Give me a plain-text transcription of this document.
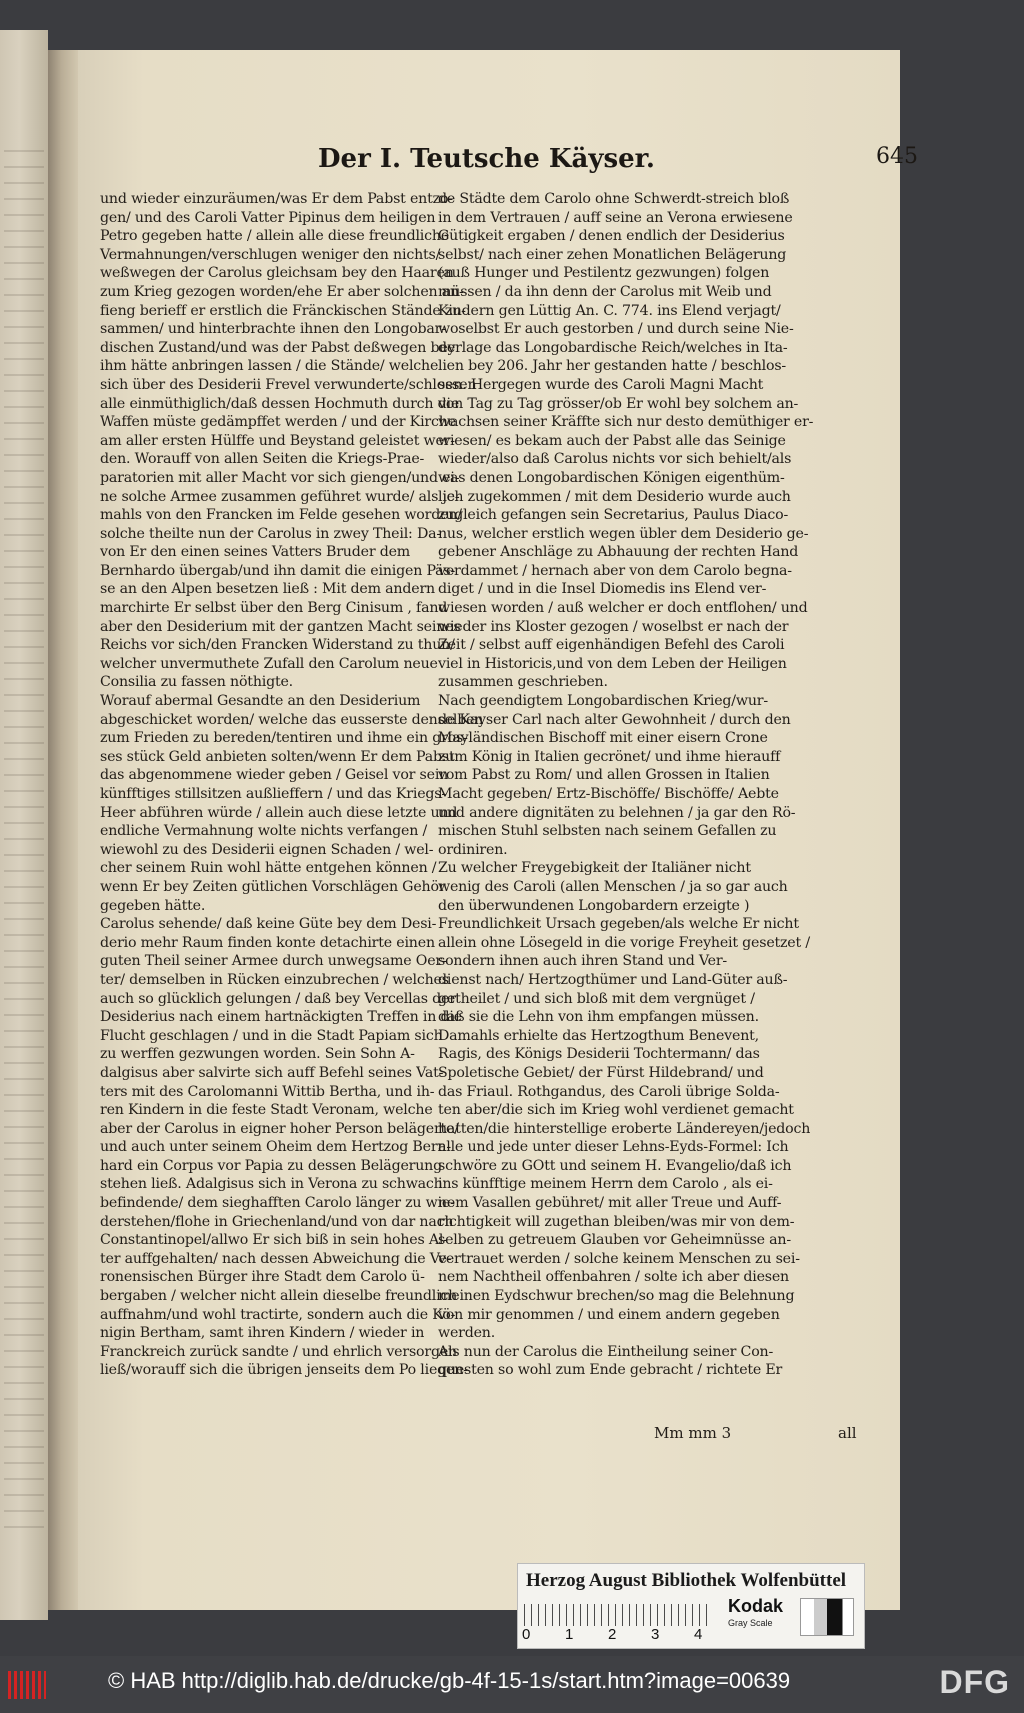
Der I. Teutsche Käyser.	645
und wieder einzuräumen/was Er dem Pabst entzo-
gen/ und des Caroli Vatter Pipinus dem heiligen
Petro gegeben hatte / allein alle diese freundliche
Vermahnungen/verschlugen weniger den nichts/
weßwegen der Carolus gleichsam bey den Haaren
zum Krieg gezogen worden/ehe Er aber solchen an-
fieng berieff er erstlich die Fränckischen Stände zu-
sammen/ und hinterbrachte ihnen den Longobar-
dischen Zustand/und was der Pabst deßwegen bey
ihm hätte anbringen lassen / die Stände/ welche
sich über des Desiderii Frevel verwunderte/schlossen
alle einmüthiglich/daß dessen Hochmuth durch die
Waffen müste gedämpffet werden / und der Kirche
am aller ersten Hülffe und Beystand geleistet wer-
den. Worauff von allen Seiten die Kriegs-Prae-
paratorien mit aller Macht vor sich giengen/und ei-
ne solche Armee zusammen geführet wurde/ als je-
mahls von den Francken im Felde gesehen worden/
solche theilte nun der Carolus in zwey Theil: Da-
von Er den einen seines Vatters Bruder dem
Bernhardo übergab/und ihn damit die einigen Päs-
se an den Alpen besetzen ließ : Mit dem andern
marchirte Er selbst über den Berg Cinisum , fand
aber den Desiderium mit der gantzen Macht seines
Reichs vor sich/den Francken Widerstand zu thun/
welcher unvermuthete Zufall den Carolum neue
Consilia zu fassen nöthigte.
Worauf abermal Gesandte an den Desiderium
abgeschicket worden/ welche das eusserste denselben
zum Frieden zu bereden/tentiren und ihme ein gros-
ses stück Geld anbieten solten/wenn Er dem Pabst
das abgenommene wieder geben / Geisel vor sein
künfftiges stillsitzen außlieffern / und das Kriegs-
Heer abführen würde / allein auch diese letzte und
endliche Vermahnung wolte nichts verfangen /
wiewohl zu des Desiderii eignen Schaden / wel-
cher seinem Ruin wohl hätte entgehen können /
wenn Er bey Zeiten gütlichen Vorschlägen Gehör
gegeben hätte.
Carolus sehende/ daß keine Güte bey dem Desi-
derio mehr Raum finden konte detachirte einen
guten Theil seiner Armee durch unwegsame Oer-
ter/ demselben in Rücken einzubrechen / welches
auch so glücklich gelungen / daß bey Vercellas der
Desiderius nach einem hartnäckigten Treffen in die
Flucht geschlagen / und in die Stadt Papiam sich
zu werffen gezwungen worden. Sein Sohn A-
dalgisus aber salvirte sich auff Befehl seines Vat-
ters mit des Carolomanni Wittib Bertha, und ih-
ren Kindern in die feste Stadt Veronam, welche
aber der Carolus in eigner hoher Person belägerte/
und auch unter seinem Oheim dem Hertzog Bern-
hard ein Corpus vor Papia zu dessen Belägerung
stehen ließ. Adalgisus sich in Verona zu schwach
befindende/ dem sieghafften Carolo länger zu wie-
derstehen/flohe in Griechenland/und von dar nach
Constantinopel/allwo Er sich biß in sein hohes Al-
ter auffgehalten/ nach dessen Abweichung die Ve-
ronensischen Bürger ihre Stadt dem Carolo ü-
bergaben / welcher nicht allein dieselbe freundlich
auffnahm/und wohl tractirte, sondern auch die Kö-
nigin Bertham, samt ihren Kindern / wieder in
Franckreich zurück sandte / und ehrlich versorgen
ließ/worauff sich die übrigen jenseits dem Po liegen-
de Städte dem Carolo ohne Schwerdt-streich bloß
in dem Vertrauen / auff seine an Verona erwiesene
Gütigkeit ergaben / denen endlich der Desiderius
selbst/ nach einer zehen Monatlichen Belägerung
(auß Hunger und Pestilentz gezwungen) folgen
müssen / da ihn denn der Carolus mit Weib und
Kindern gen Lüttig An. C. 774. ins Elend verjagt/
woselbst Er auch gestorben / und durch seine Nie-
derlage das Longobardische Reich/welches in Ita-
lien bey 206. Jahr her gestanden hatte / beschlos-
sen. Hergegen wurde des Caroli Magni Macht
von Tag zu Tag grösser/ob Er wohl bey solchem an-
wachsen seiner Kräffte sich nur desto demüthiger er-
wiesen/ es bekam auch der Pabst alle das Seinige
wieder/also daß Carolus nichts vor sich behielt/als
was denen Longobardischen Königen eigenthüm-
lich zugekommen / mit dem Desiderio wurde auch
zugleich gefangen sein Secretarius, Paulus Diaco-
nus, welcher erstlich wegen übler dem Desiderio ge-
gebener Anschläge zu Abhauung der rechten Hand
verdammet / hernach aber von dem Carolo begna-
diget / und in die Insel Diomedis ins Elend ver-
wiesen worden / auß welcher er doch entflohen/ und
wieder ins Kloster gezogen / woselbst er nach der
Zeit / selbst auff eigenhändigen Befehl des Caroli
viel in Historicis,und von dem Leben der Heiligen
zusammen geschrieben.
Nach geendigtem Longobardischen Krieg/wur-
de Kayser Carl nach alter Gewohnheit / durch den
Mayländischen Bischoff mit einer eisern Crone
zum König in Italien gecrönet/ und ihme hierauff
vom Pabst zu Rom/ und allen Grossen in Italien
Macht gegeben/ Ertz-Bischöffe/ Bischöffe/ Aebte
und andere dignitäten zu belehnen / ja gar den Rö-
mischen Stuhl selbsten nach seinem Gefallen zu
ordiniren.
Zu welcher Freygebigkeit der Italiäner nicht
wenig des Caroli (allen Menschen / ja so gar auch
den überwundenen Longobardern erzeigte )
Freundlichkeit Ursach gegeben/als welche Er nicht
allein ohne Lösegeld in die vorige Freyheit gesetzet /
sondern ihnen auch ihren Stand und Ver-
dienst nach/ Hertzogthümer und Land-Güter auß-
getheilet / und sich bloß mit dem vergnüget /
daß sie die Lehn von ihm empfangen müssen.
Damahls erhielte das Hertzogthum Benevent,
Ragis, des Königs Desiderii Tochtermann/ das
Spoletische Gebiet/ der Fürst Hildebrand/ und
das Friaul. Rothgandus, des Caroli übrige Solda-
ten aber/die sich im Krieg wohl verdienet gemacht
hatten/die hinterstellige eroberte Ländereyen/jedoch
alle und jede unter dieser Lehns-Eyds-Formel: Ich
schwöre zu GOtt und seinem H. Evangelio/daß ich
ins künfftige meinem Herrn dem Carolo , als ei-
nem Vasallen gebühret/ mit aller Treue und Auff-
richtigkeit will zugethan bleiben/was mir von dem-
selben zu getreuem Glauben vor Geheimnüsse an-
vertrauet werden / solche keinem Menschen zu sei-
nem Nachtheil offenbahren / solte ich aber diesen
meinen Eydschwur brechen/so mag die Belehnung
von mir genommen / und einem andern gegeben
werden.
Als nun der Carolus die Eintheilung seiner Con-
questen so wohl zum Ende gebracht / richtete Er
Mm mm 3	all
Herzog August Bibliothek Wolfenbüttel
0 1 2 3 4
Kodak
Gray Scale
© HAB http://diglib.hab.de/drucke/gb-4f-15-1s/start.htm?image=00639	DFG
